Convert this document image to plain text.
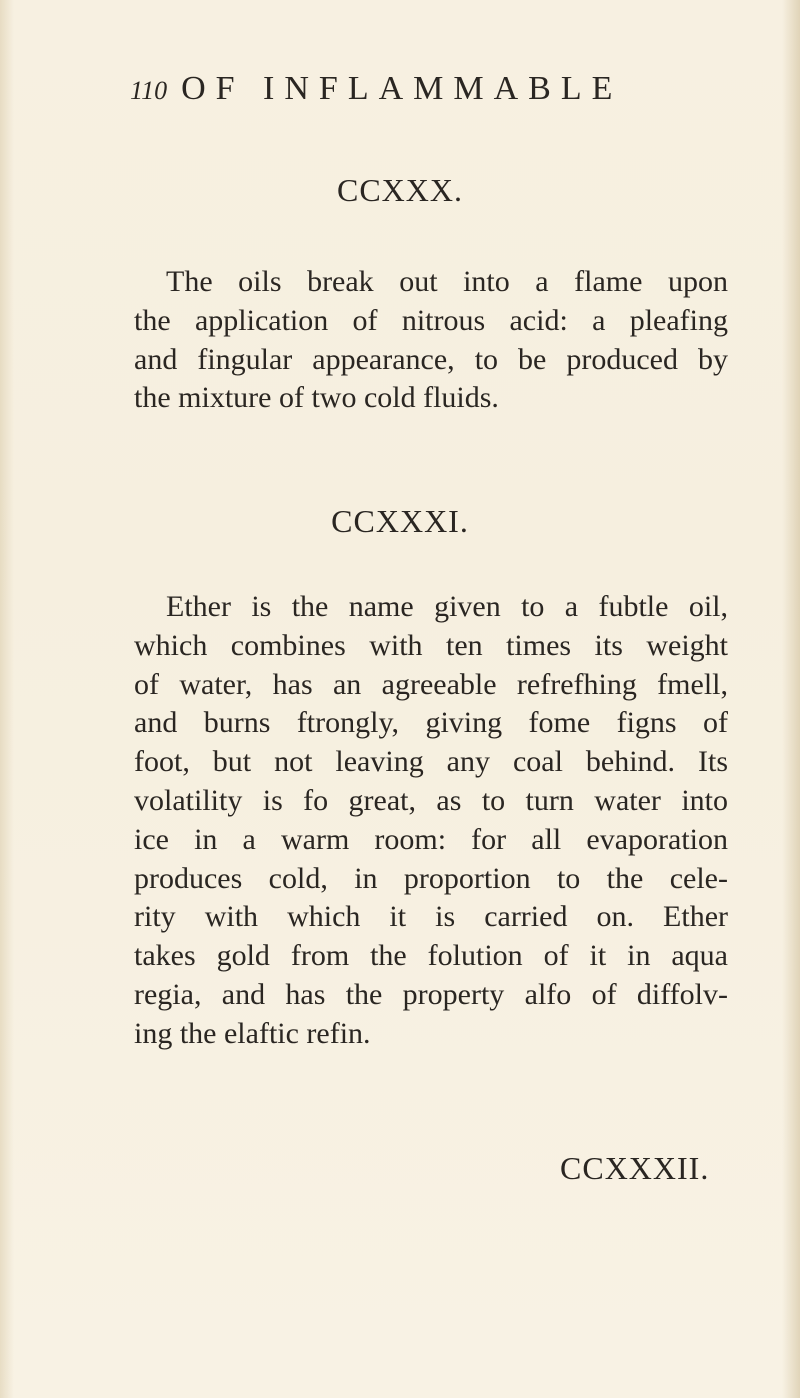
110 OF INFLAMMABLE
CCXXX.
The oils break out into a flame upon
the application of nitrous acid: a pleafing
and fingular appearance, to be produced by
the mixture of two cold fluids.
CCXXXI.
Ether is the name given to a fubtle oil,
which combines with ten times its weight
of water, has an agreeable refrefhing fmell,
and burns ftrongly, giving fome figns of
foot, but not leaving any coal behind. Its
volatility is fo great, as to turn water into
ice in a warm room: for all evaporation
produces cold, in proportion to the cele-
rity with which it is carried on. Ether
takes gold from the folution of it in aqua
regia, and has the property alfo of diffolv-
ing the elaftic refin.
CCXXXII.
